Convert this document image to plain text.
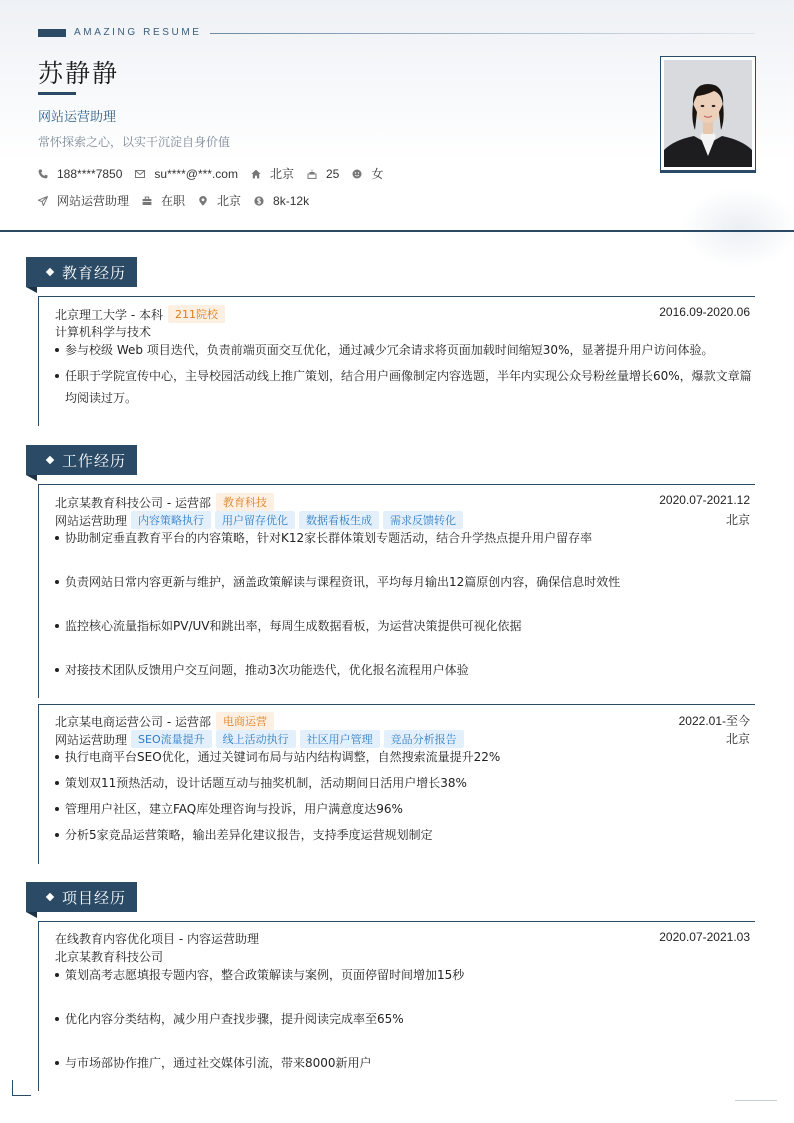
AMAZING RESUME
苏静静
网站运营助理
常怀探索之心，以实干沉淀自身价值
188****7850	su****@***.com	北京	25	女
网站运营助理	在职	北京	8k-12k
教育经历
北京理工大学 - 本科 211院校	2016.09-2020.06
计算机科学与技术
参与校级 Web 项目迭代，负责前端页面交互优化，通过减少冗余请求将页面加载时间缩短30%，显著提升用户访问体验。
任职于学院宣传中心，主导校园活动线上推广策划，结合用户画像制定内容选题，半年内实现公众号粉丝量增长60%，爆款文章篇均阅读过万。
工作经历
北京某教育科技公司 - 运营部 教育科技	2020.07-2021.12
网站运营助理 内容策略执行 用户留存优化 数据看板生成 需求反馈转化	北京
协助制定垂直教育平台的内容策略，针对K12家长群体策划专题活动，结合升学热点提升用户留存率
负责网站日常内容更新与维护，涵盖政策解读与课程资讯，平均每月输出12篇原创内容，确保信息时效性
监控核心流量指标如PV/UV和跳出率，每周生成数据看板，为运营决策提供可视化依据
对接技术团队反馈用户交互问题，推动3次功能迭代，优化报名流程用户体验
北京某电商运营公司 - 运营部 电商运营	2022.01-至今
网站运营助理 SEO流量提升 线上活动执行 社区用户管理 竞品分析报告	北京
执行电商平台SEO优化，通过关键词布局与站内结构调整，自然搜索流量提升22%
策划双11预热活动，设计话题互动与抽奖机制，活动期间日活用户增长38%
管理用户社区，建立FAQ库处理咨询与投诉，用户满意度达96%
分析5家竞品运营策略，输出差异化建议报告，支持季度运营规划制定
项目经历
在线教育内容优化项目 - 内容运营助理	2020.07-2021.03
北京某教育科技公司
策划高考志愿填报专题内容，整合政策解读与案例，页面停留时间增加15秒
优化内容分类结构，减少用户查找步骤，提升阅读完成率至65%
与市场部协作推广，通过社交媒体引流，带来8000新用户
